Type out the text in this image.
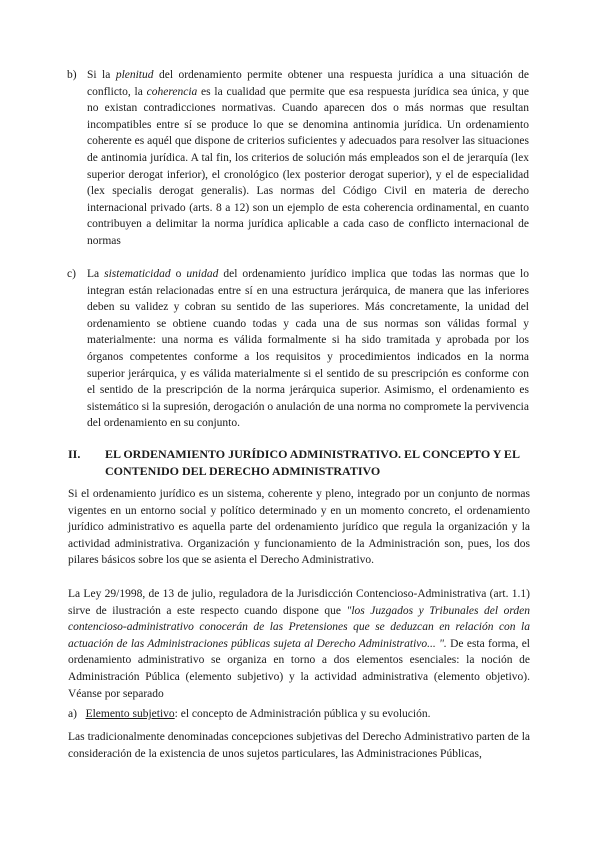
b) Si la plenitud del ordenamiento permite obtener una respuesta jurídica a una situación de conflicto, la coherencia es la cualidad que permite que esa respuesta jurídica sea única, y que no existan contradicciones normativas. Cuando aparecen dos o más normas que resultan incompatibles entre sí se produce lo que se denomina antinomia jurídica. Un ordenamiento coherente es aquél que dispone de criterios suficientes y adecuados para resolver las situaciones de antinomia jurídica. A tal fin, los criterios de solución más empleados son el de jerarquía (lex superior derogat inferior), el cronológico (lex posterior derogat superior), y el de especialidad (lex specialis derogat generalis). Las normas del Código Civil en materia de derecho internacional privado (arts. 8 a 12) son un ejemplo de esta coherencia ordinamental, en cuanto contribuyen a delimitar la norma jurídica aplicable a cada caso de conflicto internacional de normas

c) La sistematicidad o unidad del ordenamiento jurídico implica que todas las normas que lo integran están relacionadas entre sí en una estructura jerárquica, de manera que las inferiores deben su validez y cobran su sentido de las superiores. Más concretamente, la unidad del ordenamiento se obtiene cuando todas y cada una de sus normas son válidas formal y materialmente: una norma es válida formalmente si ha sido tramitada y aprobada por los órganos competentes conforme a los requisitos y procedimientos indicados en la norma superior jerárquica, y es válida materialmente si el sentido de su prescripción es conforme con el sentido de la prescripción de la norma jerárquica superior. Asimismo, el ordenamiento es sistemático si la supresión, derogación o anulación de una norma no compromete la pervivencia del ordenamiento en su conjunto.

II. EL ORDENAMIENTO JURÍDICO ADMINISTRATIVO. EL CONCEPTO Y EL CONTENIDO DEL DERECHO ADMINISTRATIVO

Si el ordenamiento jurídico es un sistema, coherente y pleno, integrado por un conjunto de normas vigentes en un entorno social y político determinado y en un momento concreto, el ordenamiento jurídico administrativo es aquella parte del ordenamiento jurídico que regula la organización y la actividad administrativa. Organización y funcionamiento de la Administración son, pues, los dos pilares básicos sobre los que se asienta el Derecho Administrativo.

La Ley 29/1998, de 13 de julio, reguladora de la Jurisdicción Contencioso-Administrativa (art. 1.1) sirve de ilustración a este respecto cuando dispone que "los Juzgados y Tribunales del orden contencioso-administrativo conocerán de las Pretensiones que se deduzcan en relación con la actuación de las Administraciones públicas sujeta al Derecho Administrativo... ". De esta forma, el ordenamiento administrativo se organiza en torno a dos elementos esenciales: la noción de Administración Pública (elemento subjetivo) y la actividad administrativa (elemento objetivo). Véanse por separado

a) Elemento subjetivo: el concepto de Administración pública y su evolución.

Las tradicionalmente denominadas concepciones subjetivas del Derecho Administrativo parten de la consideración de la existencia de unos sujetos particulares, las Administraciones Públicas,
